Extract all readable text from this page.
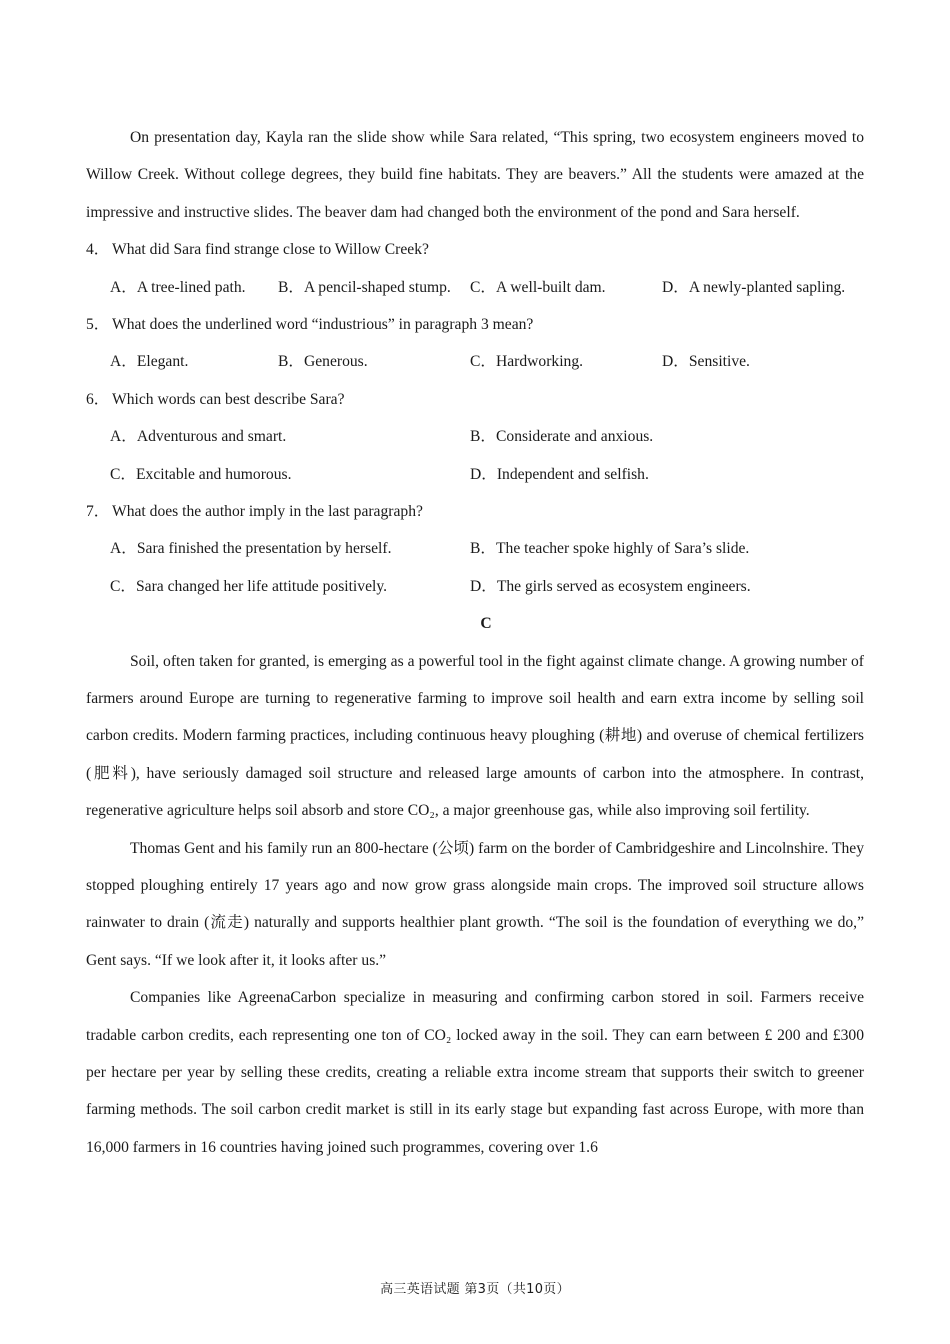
On presentation day, Kayla ran the slide show while Sara related, “This spring, two ecosystem engineers moved to Willow Creek. Without college degrees, they build fine habitats. They are beavers.” All the students were amazed at the impressive and instructive slides. The beaver dam had changed both the environment of the pond and Sara herself.

4． What did Sara find strange close to Willow Creek?

A．A tree-lined path. B．A pencil-shaped stump. C．A well-built dam.	D．A newly-planted sapling.

5． What does the underlined word “industrious” in paragraph 3 mean?

A．Elegant.	B．Generous.	C．Hardworking.	D．Sensitive.

6． Which words can best describe Sara?

A．Adventurous and smart.	B．Considerate and anxious.
C．Excitable and humorous.	D．Independent and selfish.

7． What does the author imply in the last paragraph?

A．Sara finished the presentation by herself.	B．The teacher spoke highly of Sara’s slide.
C．Sara changed her life attitude positively.	D．The girls served as ecosystem engineers.

C

Soil, often taken for granted, is emerging as a powerful tool in the fight against climate change. A growing number of farmers around Europe are turning to regenerative farming to improve soil health and earn extra income by selling soil carbon credits. Modern farming practices, including continuous heavy ploughing (耕地) and overuse of chemical fertilizers (肥料), have seriously damaged soil structure and released large amounts of carbon into the atmosphere. In contrast, regenerative agriculture helps soil absorb and store CO₂, a major greenhouse gas, while also improving soil fertility.

Thomas Gent and his family run an 800-hectare (公顷) farm on the border of Cambridgeshire and Lincolnshire. They stopped ploughing entirely 17 years ago and now grow grass alongside main crops. The improved soil structure allows rainwater to drain (流走) naturally and supports healthier plant growth. “The soil is the foundation of everything we do,” Gent says. “If we look after it, it looks after us.”

Companies like AgreenaCarbon specialize in measuring and confirming carbon stored in soil. Farmers receive tradable carbon credits, each representing one ton of CO₂ locked away in the soil. They can earn between £ 200 and £300 per hectare per year by selling these credits, creating a reliable extra income stream that supports their switch to greener farming methods. The soil carbon credit market is still in its early stage but expanding fast across Europe, with more than 16,000 farmers in 16 countries having joined such programmes, covering over 1.6

高三英语试题 第3页（共10页）
